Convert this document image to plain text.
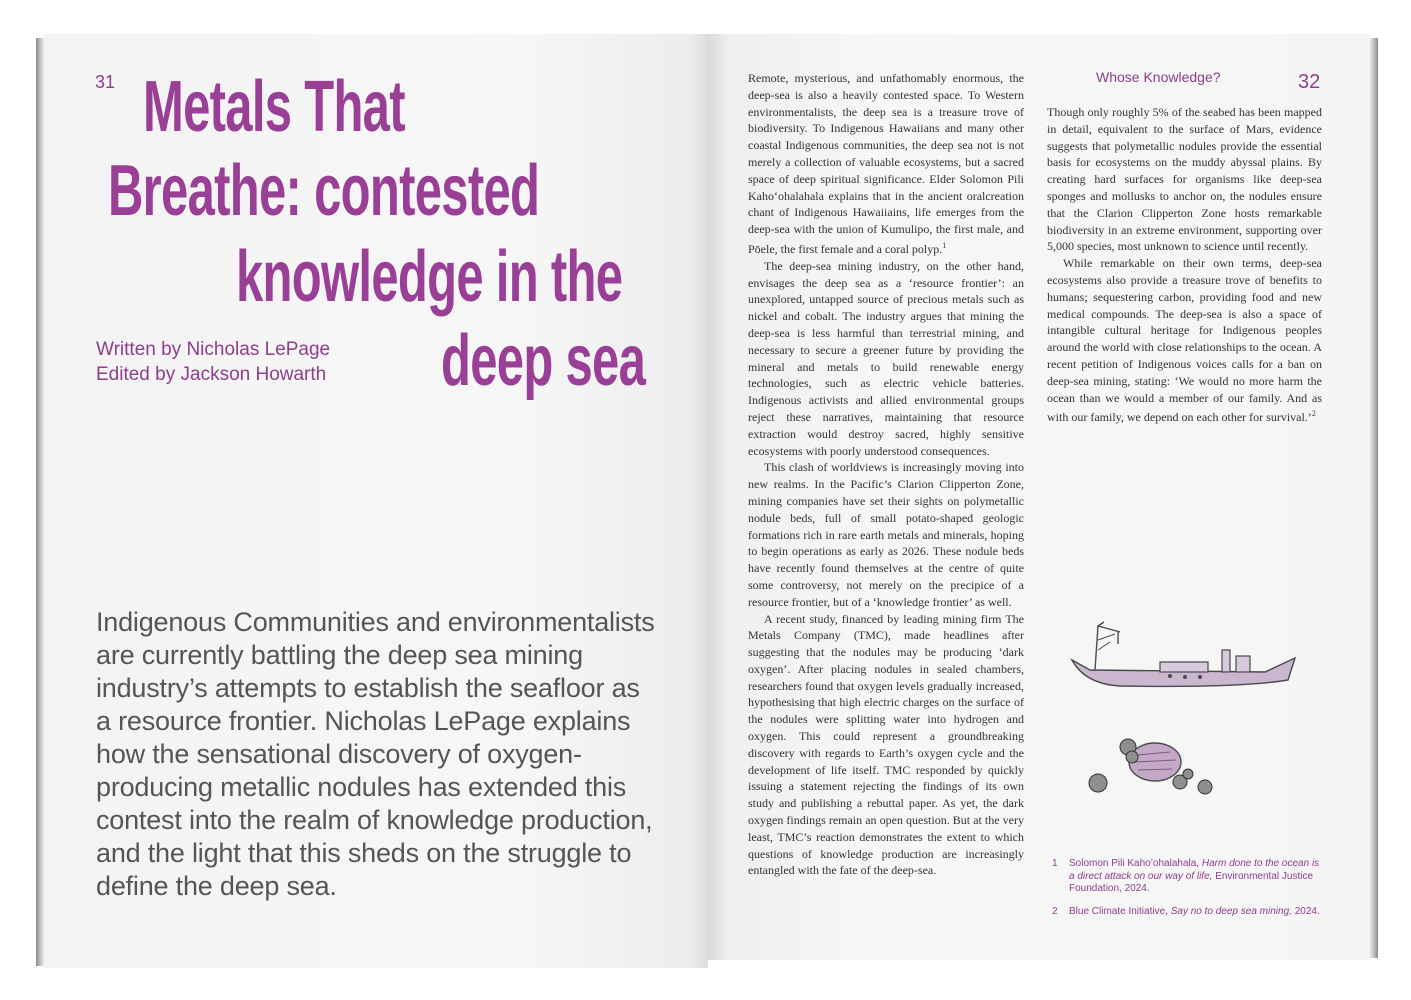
31 Metals That
Breathe: contested
knowledge in the
deep sea
Written by Nicholas LePage
Edited by Jackson Howarth

Indigenous Communities and environmentalists are currently battling the deep sea mining industry’s attempts to establish the seafloor as a resource frontier. Nicholas LePage explains how the sensational discovery of oxygen-producing metallic nodules has extended this contest into the realm of knowledge production, and the light that this sheds on the struggle to define the deep sea.

Whose Knowledge?	32

Remote, mysterious, and unfathomably enormous, the deep-sea is also a heavily contested space. To Western environmentalists, the deep sea is a treasure trove of biodiversity. To Indigenous Hawaiians and many other coastal Indigenous communities, the deep sea not is not merely a collection of valuable ecosystems, but a sacred space of deep spiritual significance. Elder Solomon Pili Kaho‘ohalahala explains that in the ancient oralcreation chant of Indigenous Hawaiiains, life emerges from the deep-sea with the union of Kumulipo, the first male, and Pōele, the first female and a coral polyp.$^1$

The deep-sea mining industry, on the other hand, envisages the deep sea as a ‘resource frontier’: an unexplored, untapped source of precious metals such as nickel and cobalt. The industry argues that mining the deep-sea is less harmful than terrestrial mining, and necessary to secure a greener future by providing the mineral and metals to build renewable energy technologies, such as electric vehicle batteries. Indigenous activists and allied environmental groups reject these narratives, maintaining that resource extraction would destroy sacred, highly sensitive ecosystems with poorly understood consequences.

This clash of worldviews is increasingly moving into new realms. In the Pacific’s Clarion Clipperton Zone, mining companies have set their sights on polymetallic nodule beds, full of small potato-shaped geologic formations rich in rare earth metals and minerals, hoping to begin operations as early as 2026. These nodule beds have recently found themselves at the centre of quite some controversy, not merely on the precipice of a resource frontier, but of a ‘knowledge frontier’ as well.

A recent study, financed by leading mining firm The Metals Company (TMC), made headlines after suggesting that the nodules may be producing ‘dark oxygen’. After placing nodules in sealed chambers, researchers found that oxygen levels gradually increased, hypothesising that high electric charges on the surface of the nodules were splitting water into hydrogen and oxygen. This could represent a groundbreaking discovery with regards to Earth’s oxygen cycle and the development of life itself. TMC responded by quickly issuing a statement rejecting the findings of its own study and publishing a rebuttal paper. As yet, the dark oxygen findings remain an open question. But at the very least, TMC’s reaction demonstrates the extent to which questions of knowledge production are increasingly entangled with the fate of the deep-sea.

Though only roughly 5% of the seabed has been mapped in detail, equivalent to the surface of Mars, evidence suggests that polymetallic nodules provide the essential basis for ecosystems on the muddy abyssal plains. By creating hard surfaces for organisms like deep-sea sponges and mollusks to anchor on, the nodules ensure that the Clarion Clipperton Zone hosts remarkable biodiversity in an extreme environment, supporting over 5,000 species, most unknown to science until recently.

While remarkable on their own terms, deep-sea ecosystems also provide a treasure trove of benefits to humans; sequestering carbon, providing food and new medical compounds. The deep-sea is also a space of intangible cultural heritage for Indigenous peoples around the world with close relationships to the ocean. A recent petition of Indigenous voices calls for a ban on deep-sea mining, stating: ‘We would no more harm the ocean than we would a member of our family. And as with our family, we depend on each other for survival.’$^2$

1 Solomon Pili Kaho’ohalahala, Harm done to the ocean is a direct attack on our way of life, Environmental Justice Foundation, 2024.
2 Blue Climate Initiative, Say no to deep sea mining, 2024.
